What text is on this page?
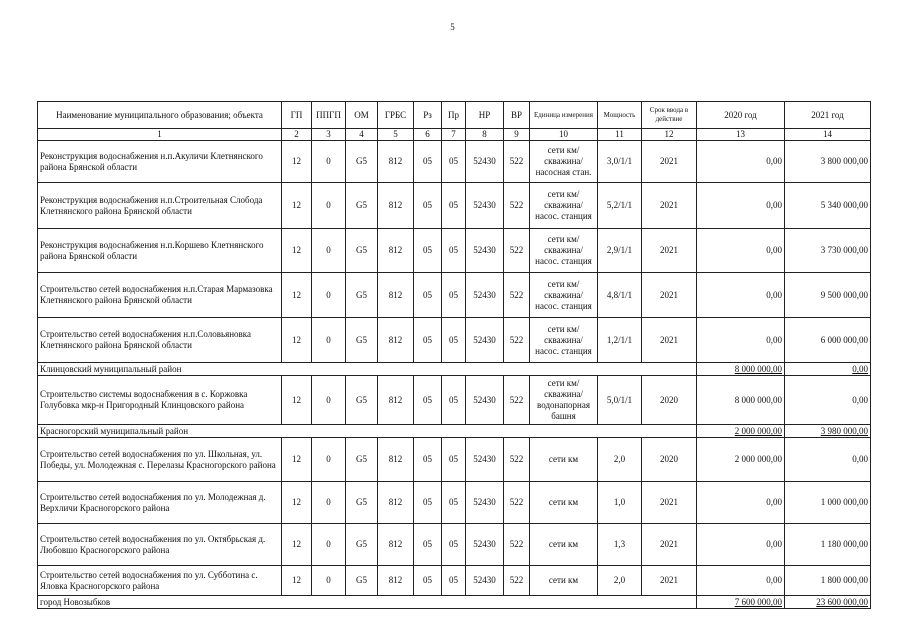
5
Наименование муниципального образования; объекта	ГП	ППГП	ОМ	ГРБС	Рз	Пр	НР	ВР	Единица измерения	Мощность	Срок ввода в действие	2020 год	2021 год
1	2	3	4	5	6	7	8	9	10	11	12	13	14
Реконструкция водоснабжения н.п.Акуличи Клетнянского района Брянской области	12	0	G5	812	05	05	52430	522	сети км/ скважина/ насосная стан.	3,0/1/1	2021	0,00	3 800 000,00
Реконструкция водоснабжения н.п.Строительная Слобода Клетнянского района Брянской области	12	0	G5	812	05	05	52430	522	сети км/ скважина/ насос. станция	5,2/1/1	2021	0,00	5 340 000,00
Реконструкция водоснабжения н.п.Коршево Клетнянского района Брянской области	12	0	G5	812	05	05	52430	522	сети км/ скважина/ насос. станция	2,9/1/1	2021	0,00	3 730 000,00
Строительство сетей водоснабжения н.п.Старая Мармазовка Клетнянского района Брянской области	12	0	G5	812	05	05	52430	522	сети км/ скважина/ насос. станция	4,8/1/1	2021	0,00	9 500 000,00
Строительство сетей водоснабжения н.п.Соловьяновка Клетнянского района Брянской области	12	0	G5	812	05	05	52430	522	сети км/ скважина/ насос. станция	1,2/1/1	2021	0,00	6 000 000,00
Клинцовский муниципальный район												8 000 000,00	0,00
Строительство системы водоснабжения в с. Коржовка Голубовка мкр-н Пригородный Клинцовского района	12	0	G5	812	05	05	52430	522	сети км/ скважина/ водонапорная башня	5,0/1/1	2020	8 000 000,00	0,00
Красногорский муниципальный район												2 000 000,00	3 980 000,00
Строительство сетей водоснабжения по ул. Школьная, ул. Победы, ул. Молодежная с. Перелазы Красногорского района	12	0	G5	812	05	05	52430	522	сети км	2,0	2020	2 000 000,00	0,00
Строительство сетей водоснабжения по ул. Молодежная д. Верхличи Красногорского района	12	0	G5	812	05	05	52430	522	сети км	1,0	2021	0,00	1 000 000,00
Строительство сетей водоснабжения по ул. Октябрьская д. Любовшо Красногорского района	12	0	G5	812	05	05	52430	522	сети км	1,3	2021	0,00	1 180 000,00
Строительство сетей водоснабжения по ул. Субботина с. Яловка Красногорского района	12	0	G5	812	05	05	52430	522	сети км	2,0	2021	0,00	1 800 000,00
город Новозыбков												7 600 000,00	23 600 000,00
